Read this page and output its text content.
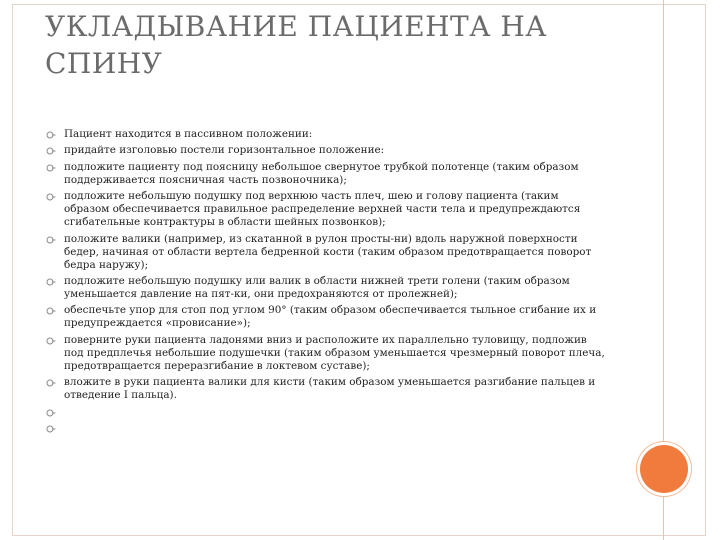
УКЛАДЫВАНИЕ ПАЦИЕНТА НА СПИНУ
Пациент находится в пассивном положении:
придайте изголовью постели горизонтальное положение:
подложите пациенту под поясницу небольшое свернутое трубкой полотенце (таким образом поддерживается поясничная часть позвоночника);
подложите небольшую подушку под верхнюю часть плеч, шею и голову пациента (таким образом обеспечивается правильное распределение верхней части тела и предупреждаются сгибательные контрактуры в области шейных позвонков);
положите валики (например, из скатанной в рулон просты-ни) вдоль наружной поверхности бедер, начиная от области вертела бедренной кости (таким образом предотвращается поворот бедра наружу);
подложите небольшую подушку или валик в области нижней трети голени (таким образом уменьшается давление на пят-ки, они предохраняются от пролежней);
обеспечьте упор для стоп под углом 90° (таким образом обеспечивается тыльное сгибание их и предупреждается «провисание»);
поверните руки пациента ладонями вниз и расположите их параллельно туловищу, подложив под предплечья небольшие подушечки (таким образом уменьшается чрезмерный поворот плеча, предотвращается переразгибание в локтевом суставе);
вложите в руки пациента валики для кисти (таким образом уменьшается разгибание пальцев и отведение I пальца).
